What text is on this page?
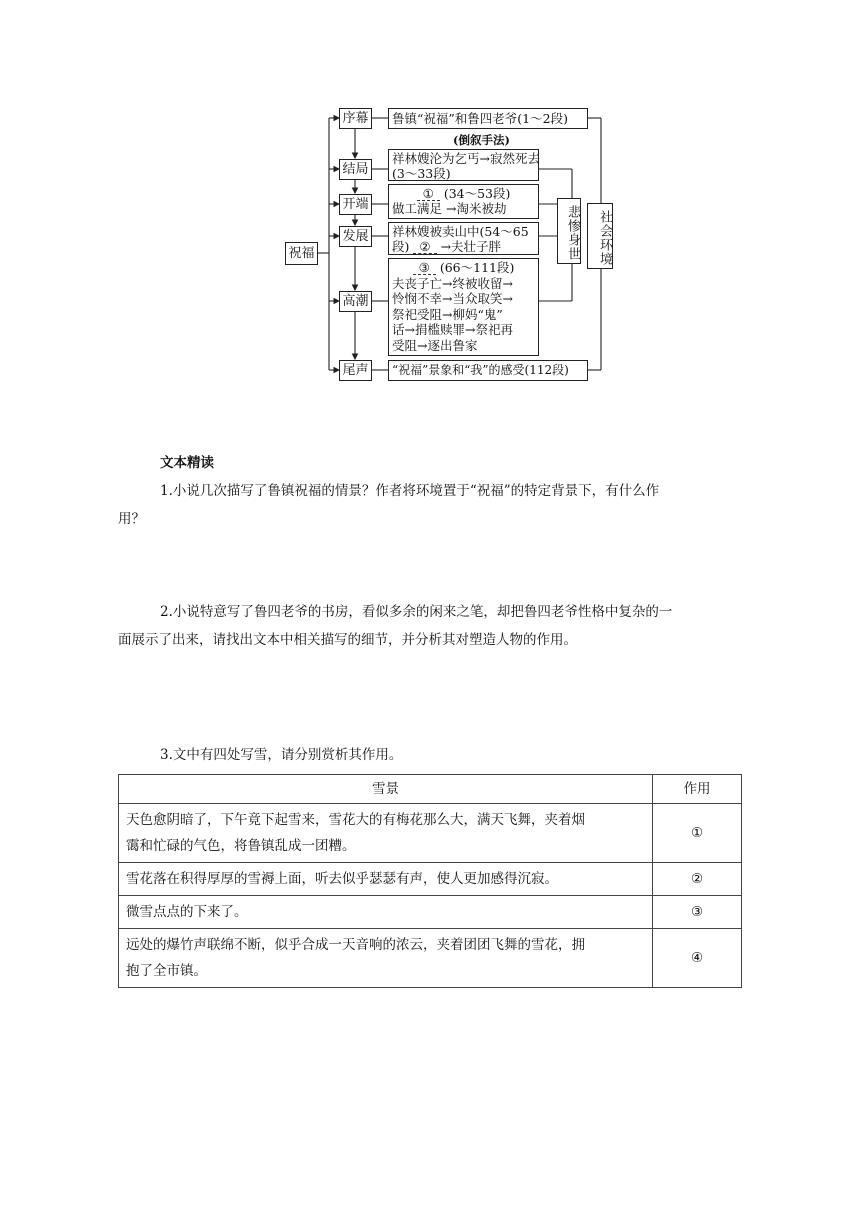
祝福
序幕
结局
开端
发展
高潮
尾声
鲁镇“祝福”和鲁四老爷(1～2段)
(倒叙手法)
祥林嫂沦为乞丐→寂然死去
(3～33段)
① (34～53段)
做工满足 →淘米被劫
祥林嫂被卖山中(54～65
段) ② →夫壮子胖
③ (66～111段)
夫丧子亡→终被收留→
怜悯不幸→当众取笑→
祭祀受阻→柳妈“鬼”
话→捐槛赎罪→祭祀再
受阻→逐出鲁家
“祝福”景象和“我”的感受(112段)
悲惨身世	社会环境
文本精读
1.小说几次描写了鲁镇祝福的情景？作者将环境置于“祝福”的特定背景下，有什么作
用？
2.小说特意写了鲁四老爷的书房，看似多余的闲来之笔，却把鲁四老爷性格中复杂的一
面展示了出来，请找出文本中相关描写的细节，并分析其对塑造人物的作用。
3.文中有四处写雪，请分别赏析其作用。
雪景	作用

天色愈阴暗了，下午竟下起雪来，雪花大的有梅花那么大，满天飞舞，夹着烟
霭和忙碌的气色，将鲁镇乱成一团糟。	①

雪花落在积得厚厚的雪褥上面，听去似乎瑟瑟有声，使人更加感得沉寂。	②

微雪点点的下来了。	③

远处的爆竹声联绵不断，似乎合成一天音响的浓云，夹着团团飞舞的雪花，拥
抱了全市镇。	④
